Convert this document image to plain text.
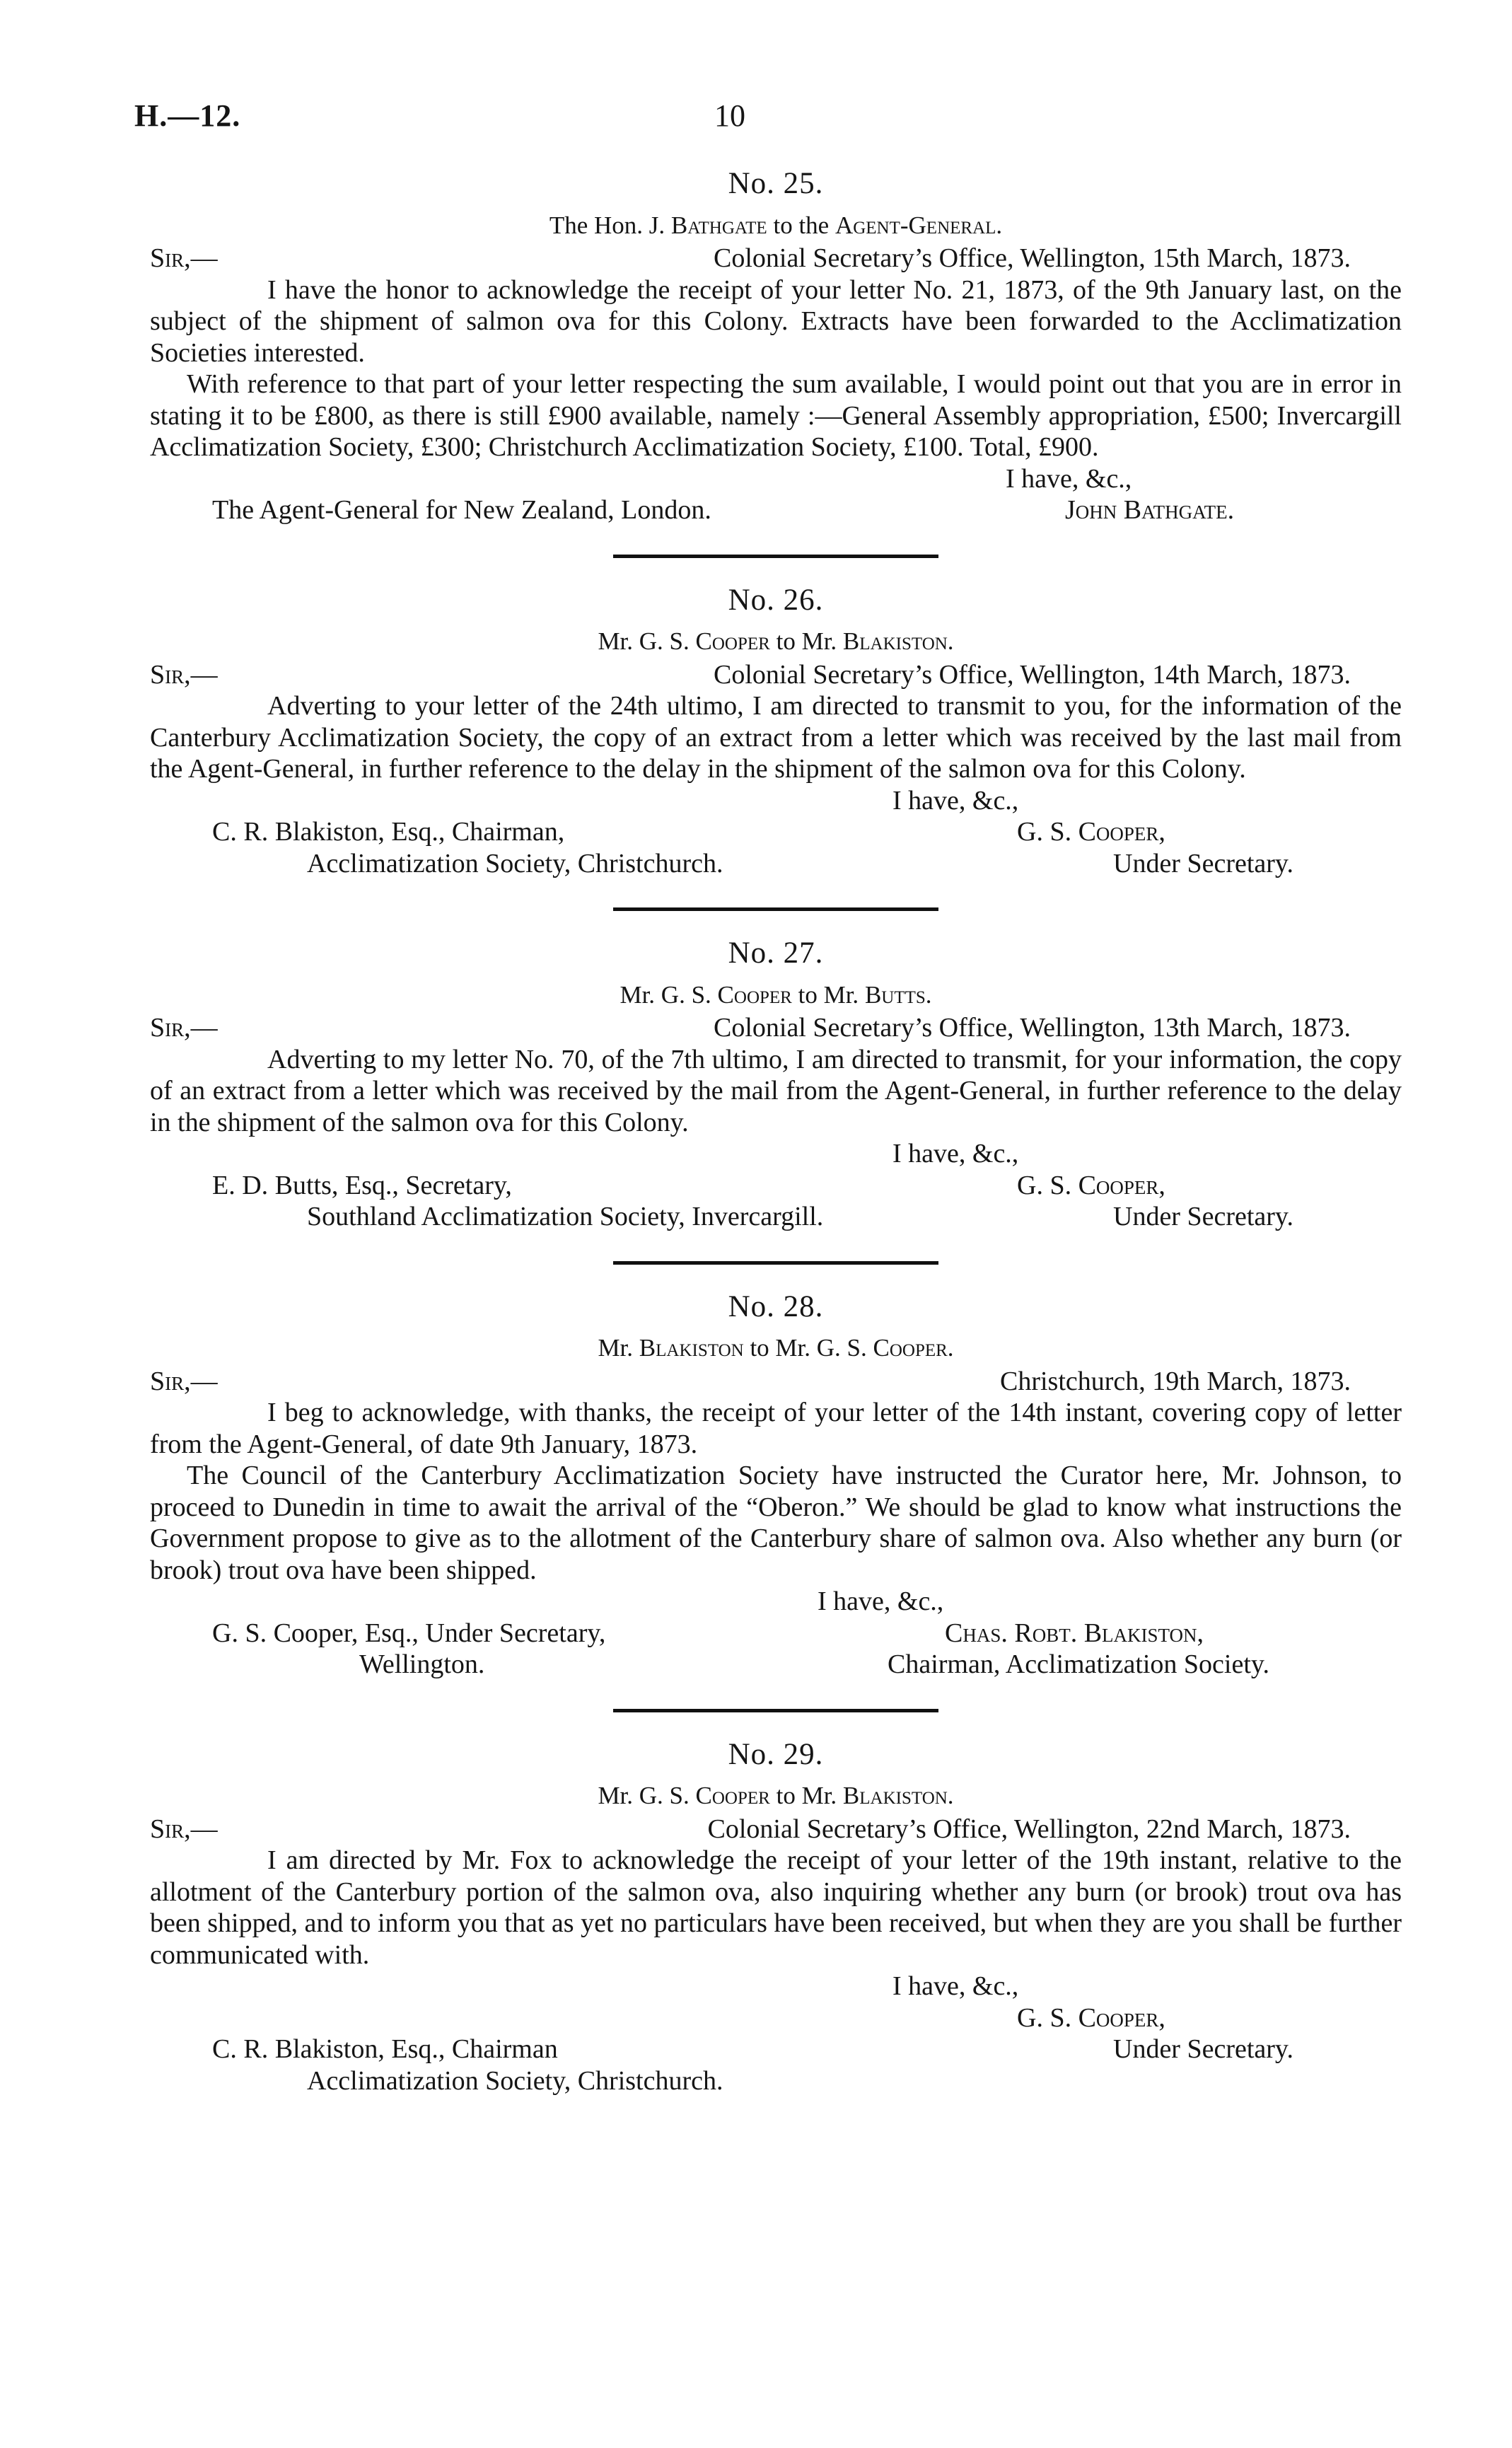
H.—12.	10
No. 25.
The Hon. J. Bathgate to the Agent-General.
Sir,—	Colonial Secretary’s Office, Wellington, 15th March, 1873.
I have the honor to acknowledge the receipt of your letter No. 21, 1873, of the 9th January last, on the subject of the shipment of salmon ova for this Colony. Extracts have been forwarded to the Acclimatization Societies interested.
With reference to that part of your letter respecting the sum available, I would point out that you are in error in stating it to be £800, as there is still £900 available, namely :—General Assembly appropriation, £500; Invercargill Acclimatization Society, £300; Christchurch Acclimatization Society, £100. Total, £900.
I have, &c.,
The Agent-General for New Zealand, London.	John Bathgate.
No. 26.
Mr. G. S. Cooper to Mr. Blakiston.
Sir,—	Colonial Secretary’s Office, Wellington, 14th March, 1873.
Adverting to your letter of the 24th ultimo, I am directed to transmit to you, for the information of the Canterbury Acclimatization Society, the copy of an extract from a letter which was received by the last mail from the Agent-General, in further reference to the delay in the shipment of the salmon ova for this Colony.
I have, &c.,
C. R. Blakiston, Esq., Chairman,	G. S. Cooper,
Acclimatization Society, Christchurch.	Under Secretary.
No. 27.
Mr. G. S. Cooper to Mr. Butts.
Sir,—	Colonial Secretary’s Office, Wellington, 13th March, 1873.
Adverting to my letter No. 70, of the 7th ultimo, I am directed to transmit, for your information, the copy of an extract from a letter which was received by the mail from the Agent-General, in further reference to the delay in the shipment of the salmon ova for this Colony.
I have, &c.,
E. D. Butts, Esq., Secretary,	G. S. Cooper,
Southland Acclimatization Society, Invercargill.	Under Secretary.
No. 28.
Mr. Blakiston to Mr. G. S. Cooper.
Sir,—	Christchurch, 19th March, 1873.
I beg to acknowledge, with thanks, the receipt of your letter of the 14th instant, covering copy of letter from the Agent-General, of date 9th January, 1873.
The Council of the Canterbury Acclimatization Society have instructed the Curator here, Mr. Johnson, to proceed to Dunedin in time to await the arrival of the “Oberon.” We should be glad to know what instructions the Government propose to give as to the allotment of the Canterbury share of salmon ova. Also whether any burn (or brook) trout ova have been shipped.
I have, &c.,
G. S. Cooper, Esq., Under Secretary,	Chas. Robt. Blakiston,
Wellington.	Chairman, Acclimatization Society.
No. 29.
Mr. G. S. Cooper to Mr. Blakiston.
Sir,—	Colonial Secretary’s Office, Wellington, 22nd March, 1873.
I am directed by Mr. Fox to acknowledge the receipt of your letter of the 19th instant, relative to the allotment of the Canterbury portion of the salmon ova, also inquiring whether any burn (or brook) trout ova has been shipped, and to inform you that as yet no particulars have been received, but when they are you shall be further communicated with.
I have, &c.,
G. S. Cooper,
C. R. Blakiston, Esq., Chairman	Under Secretary.
Acclimatization Society, Christchurch.
